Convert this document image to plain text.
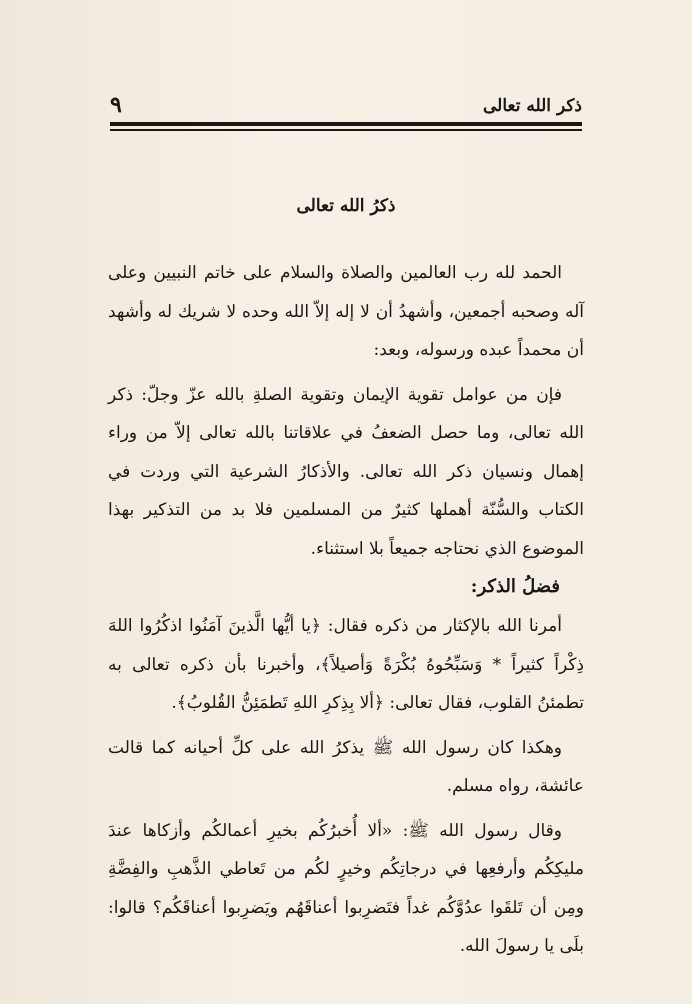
ذكر الله تعالى
٩
ذكرُ الله تعالى

الحمد لله رب العالمين والصلاة والسلام على خاتم النبيين وعلى آله وصحبه أجمعين، وأشهدُ أن لا إله إلاّ الله وحده لا شريك له وأشهد أن محمداً عبده ورسوله، وبعد:

فإن من عوامل تقوية الإيمان وتقوية الصلةِ بالله عزّ وجلّ: ذكر الله تعالى، وما حصل الضعفُ في علاقاتنا بالله تعالى إلاّ من وراء إهمال ونسيان ذكر الله تعالى. والأذكارُ الشرعية التي وردت في الكتاب والسُّنّة أهملها كثيرٌ من المسلمين فلا بد من التذكير بهذا الموضوع الذي نحتاجه جميعاً بلا استثناء.

فضلُ الذكر:

أمرنا الله بالإكثار من ذكره فقال: ﴿يا أيُّها الَّذينَ آمَنُوا اذكُرُوا اللهَ ذِكْراً كثيراً * وَسَبِّحُوهُ بُكْرَةً وَأصيلاً﴾، وأخبرنا بأن ذكره تعالى به تطمئنُ القلوب، فقال تعالى: ﴿ألا بِذِكرِ اللهِ تَطمَئِنُّ القُلوبُ﴾.

وهكذا كان رسول الله ﷺ يذكرُ الله على كلِّ أحيانه كما قالت عائشة، رواه مسلم.

وقال رسول الله ﷺ: «ألا أُخبرُكُم بخيرِ أعمالكُم وأزكاها عندَ مليكِكُم وأرفعِها في درجاتِكُم وخيرٍ لكُم من تَعاطي الذَّهبِ والفِضَّةِ ومِن أن تَلقَوا عدُوَّكُم غداً فتَضرِبوا أعناقَهُم ويَضرِبوا أعناقَكُم؟ قالوا: بلَى يا رسولَ الله.
